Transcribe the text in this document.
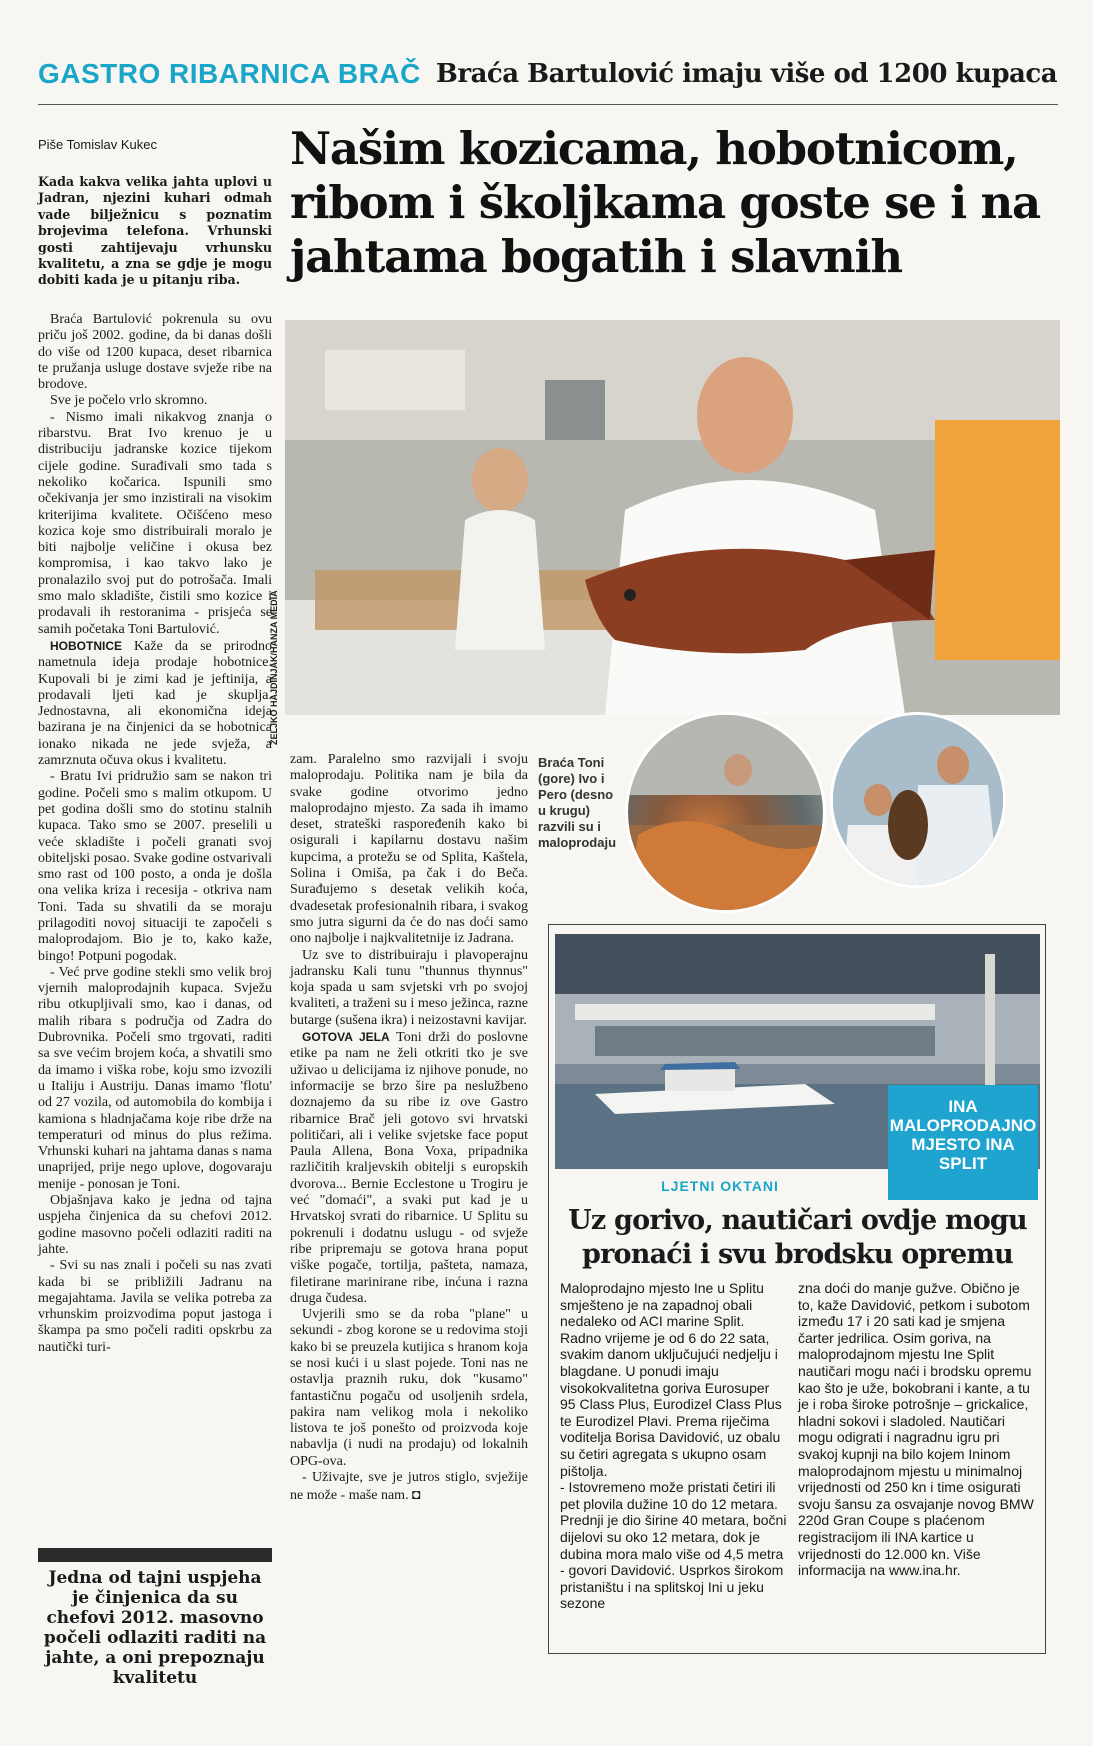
GASTRO RIBARNICA BRAČ Braća Bartulović imaju više od 1200 kupaca
Piše Tomislav Kukec
Kada kakva velika jahta uplovi u Jadran, njezini kuhari odmah vade bilježnicu s poznatim brojevima telefona. Vrhunski gosti zahtijevaju vrhunsku kvalitetu, a zna se gdje je mogu dobiti kada je u pitanju riba.
Našim kozicama, hobotnicom, ribom i školjkama goste se i na jahtama bogatih i slavnih

Braća Bartulović pokrenula su ovu priču još 2002. godine, da bi danas došli do više od 1200 kupaca, deset ribarnica te pružanja usluge dostave svježe ribe na brodove.

Sve je počelo vrlo skromno.

- Nismo imali nikakvog znanja o ribarstvu. Brat Ivo krenuo je u distribuciju jadranske kozice tijekom cijele godine. Surađivali smo tada s nekoliko kočarica. Ispunili smo očekivanja jer smo inzistirali na visokim kriterijima kvalitete. Očišćeno meso kozica koje smo distribuirali moralo je biti najbolje veličine i okusa bez kompromisa, i kao takvo lako je pronalazilo svoj put do potrošača. Imali smo malo skladište, čistili smo kozice i prodavali ih restoranima - prisjeća se samih početaka Toni Bartulović.

HOBOTNICE Kaže da se prirodno nametnula ideja prodaje hobotnice. Kupovali bi je zimi kad je jeftinija, a prodavali ljeti kad je skuplja. Jednostavna, ali ekonomična ideja bazirana je na činjenici da se hobotnica ionako nikada ne jede svježa, a zamrznuta očuva okus i kvalitetu.

- Bratu Ivi pridružio sam se nakon tri godine. Počeli smo s malim otkupom. U pet godina došli smo do stotinu stalnih kupaca. Tako smo se 2007. preselili u veće skladište i počeli granati svoj obiteljski posao. Svake godine ostvarivali smo rast od 100 posto, a onda je došla ona velika kriza i recesija - otkriva nam Toni. Tada su shvatili da se moraju prilagoditi novoj situaciji te započeli s maloprodajom. Bio je to, kako kaže, bingo! Potpuni pogodak.

- Već prve godine stekli smo velik broj vjernih maloprodajnih kupaca. Svježu ribu otkupljivali smo, kao i danas, od malih ribara s područja od Zadra do Dubrovnika. Počeli smo trgovati, raditi sa sve većim brojem koća, a shvatili smo da imamo i viška robe, koju smo izvozili u Italiju i Austriju. Danas imamo 'flotu' od 27 vozila, od automobila do kombija i kamiona s hladnjačama koje ribe drže na temperaturi od minus do plus režima. Vrhunski kuhari na jahtama danas s nama unaprijed, prije nego uplove, dogovaraju menije - ponosan je Toni.

Objašnjava kako je jedna od tajna uspjeha činjenica da su chefovi 2012. godine masovno počeli odlaziti raditi na jahte.

- Svi su nas znali i počeli su nas zvati kada bi se približili Jadranu na megajahtama. Javila se velika potreba za vrhunskim proizvodima poput jastoga i škampa pa smo počeli raditi opskrbu za nautički turi-

ŽELJKO HAJDINJAK/HANZA MEDIA
Braća Toni (gore) Ivo i Pero (desno u krugu) razvili su i maloprodaju

zam. Paralelno smo razvijali i svoju maloprodaju. Politika nam je bila da svake godine otvorimo jedno maloprodajno mjesto. Za sada ih imamo deset, strateški raspoređenih kako bi osigurali i kapilarnu dostavu našim kupcima, a protežu se od Splita, Kaštela, Solina i Omiša, pa čak i do Beča. Surađujemo s desetak velikih koća, dvadesetak profesionalnih ribara, i svakog smo jutra sigurni da će do nas doći samo ono najbolje i najkvalitetnije iz Jadrana.

Uz sve to distribuiraju i plavoperajnu jadransku Kali tunu "thunnus thynnus" koja spada u sam svjetski vrh po svojoj kvaliteti, a traženi su i meso ježinca, razne butarge (sušena ikra) i neizostavni kavijar.

GOTOVA JELA Toni drži do poslovne etike pa nam ne želi otkriti tko je sve uživao u delicijama iz njihove ponude, no informacije se brzo šire pa neslužbeno doznajemo da su ribe iz ove Gastro ribarnice Brač jeli gotovo svi hrvatski političari, ali i velike svjetske face poput Paula Allena, Bona Voxa, pripadnika različitih kraljevskih obitelji s europskih dvorova... Bernie Ecclestone u Trogiru je već "domaći", a svaki put kad je u Hrvatskoj svrati do ribarnice. U Splitu su pokrenuli i dodatnu uslugu - od svježe ribe pripremaju se gotova hrana poput viške pogače, tortilja, pašteta, namaza, filetirane marinirane ribe, inćuna i razna druga čudesa.

Uvjerili smo se da roba "plane" u sekundi - zbog korone se u redovima stoji kako bi se preuzela kutijica s hranom koja se nosi kući i u slast pojede. Toni nas ne ostavlja praznih ruku, dok "kusamo" fantastičnu pogaču od usoljenih srdela, pakira nam velikog mola i nekoliko listova te još ponešto od proizvoda koje nabavlja (i nudi na prodaju) od lokalnih OPG-ova.

- Uživajte, sve je jutros stiglo, svježije ne može - maše nam. ◘

INA MALOPRODAJNO MJESTO INA SPLIT
LJETNI OKTANI
Uz gorivo, nautičari ovdje mogu pronaći i svu brodsku opremu

Maloprodajno mjesto Ine u Splitu smješteno je na zapadnoj obali nedaleko od ACI marine Split. Radno vrijeme je od 6 do 22 sata, svakim danom uključujući nedjelju i blagdane. U ponudi imaju visokokvalitetna goriva Eurosuper 95 Class Plus, Eurodizel Class Plus te Eurodizel Plavi. Prema riječima voditelja Borisa Davidović, uz obalu su četiri agregata s ukupno osam pištolja.

- Istovremeno može pristati četiri ili pet plovila dužine 10 do 12 metara. Prednji je dio širine 40 metara, bočni dijelovi su oko 12 metara, dok je dubina mora malo više od 4,5 metra - govori Davidović. Usprkos širokom pristaništu i na splitskoj Ini u jeku sezone

zna doći do manje gužve. Obično je to, kaže Davidović, petkom i subotom između 17 i 20 sati kad je smjena čarter jedrilica. Osim goriva, na maloprodajnom mjestu Ine Split nautičari mogu naći i brodsku opremu kao što je uže, bokobrani i kante, a tu je i roba široke potrošnje – grickalice, hladni sokovi i sladoled. Nautičari mogu odigrati i nagradnu igru pri svakoj kupnji na bilo kojem Ininom maloprodajnom mjestu u minimalnoj vrijednosti od 250 kn i time osigurati svoju šansu za osvajanje novog BMW 220d Gran Coupe s plaćenom registracijom ili INA kartice u vrijednosti do 12.000 kn. Više informacija na www.ina.hr.

Jedna od tajni uspjeha je činjenica da su chefovi 2012. masovno počeli odlaziti raditi na jahte, a oni prepoznaju kvalitetu
